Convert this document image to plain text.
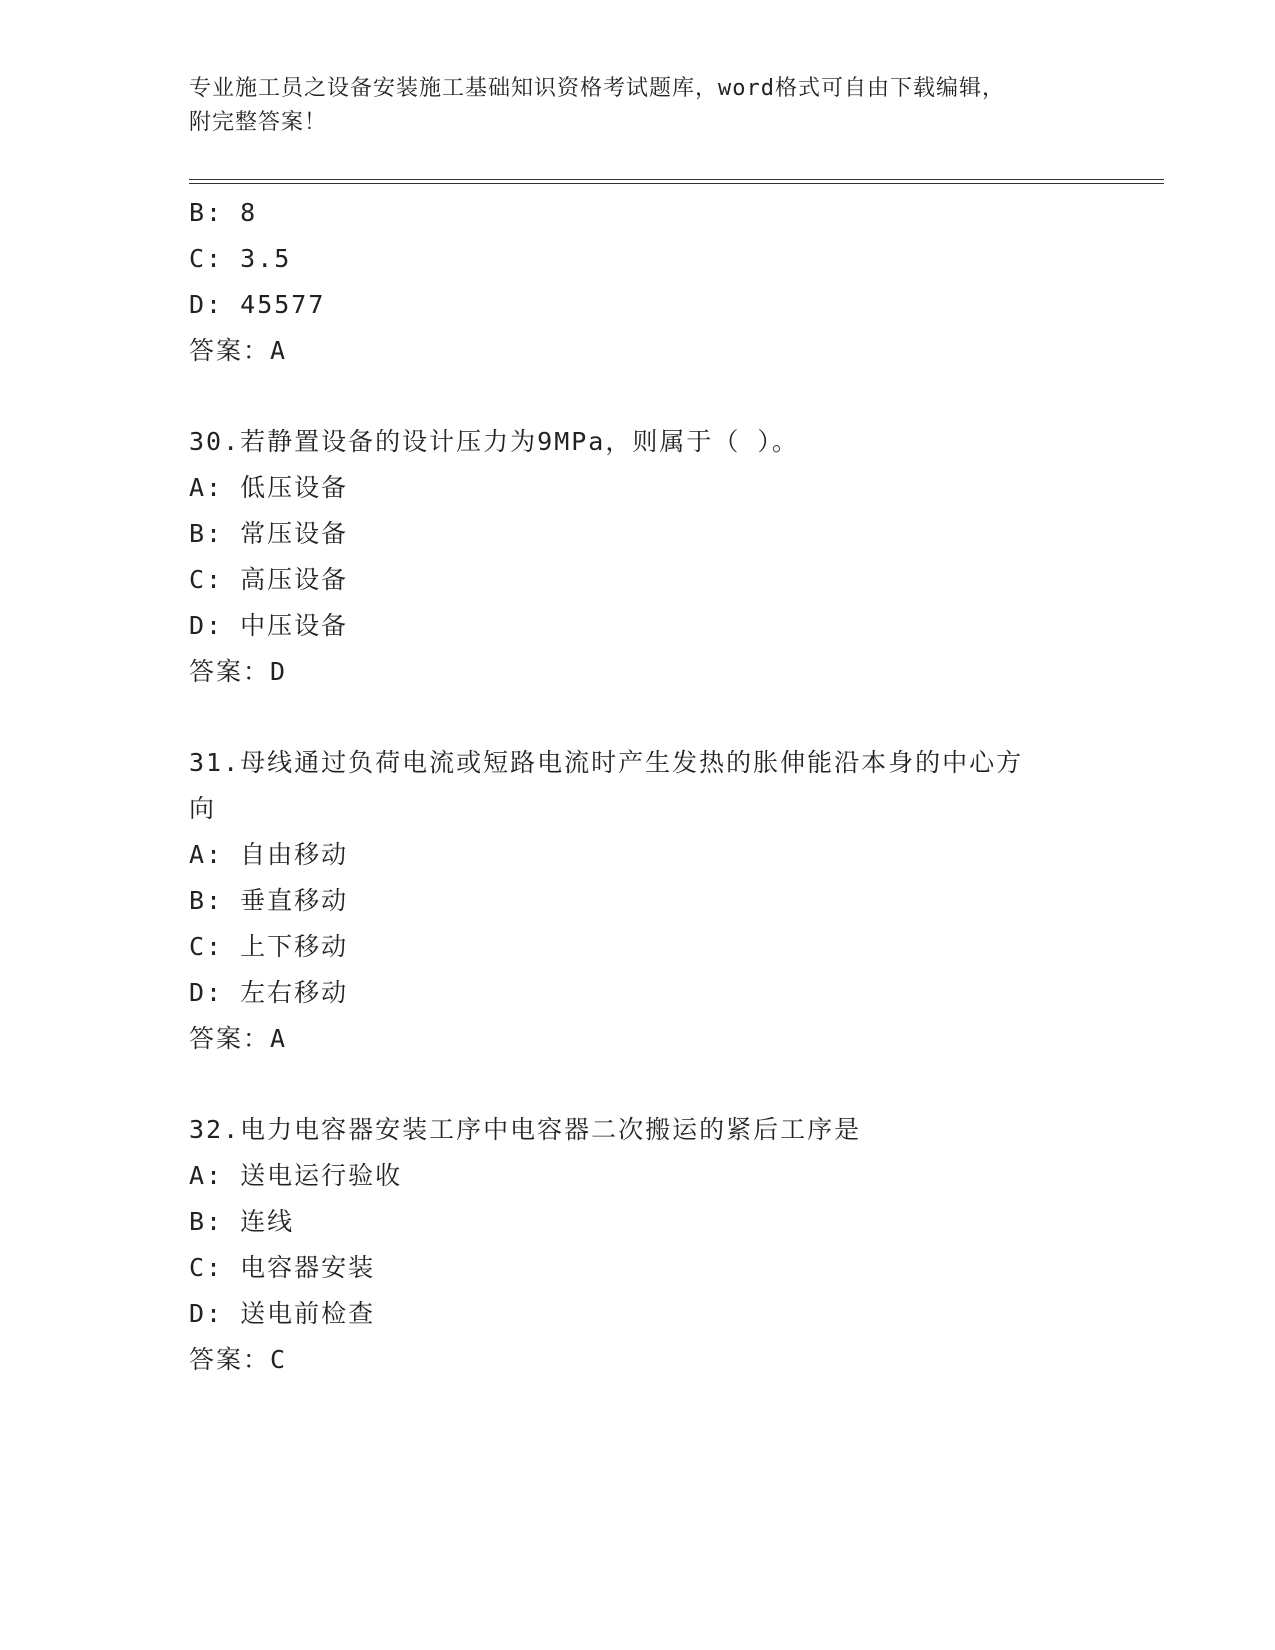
专业施工员之设备安装施工基础知识资格考试题库，word格式可自由下载编辑，
附完整答案！
B: 8
C: 3.5
D: 45577
答案：A
30.若静置设备的设计压力为9MPa，则属于（ ）。
A: 低压设备
B: 常压设备
C: 高压设备
D: 中压设备
答案：D
31.母线通过负荷电流或短路电流时产生发热的胀伸能沿本身的中心方
向
A: 自由移动
B: 垂直移动
C: 上下移动
D: 左右移动
答案：A
32.电力电容器安装工序中电容器二次搬运的紧后工序是
A: 送电运行验收
B: 连线
C: 电容器安装
D: 送电前检查
答案：C
